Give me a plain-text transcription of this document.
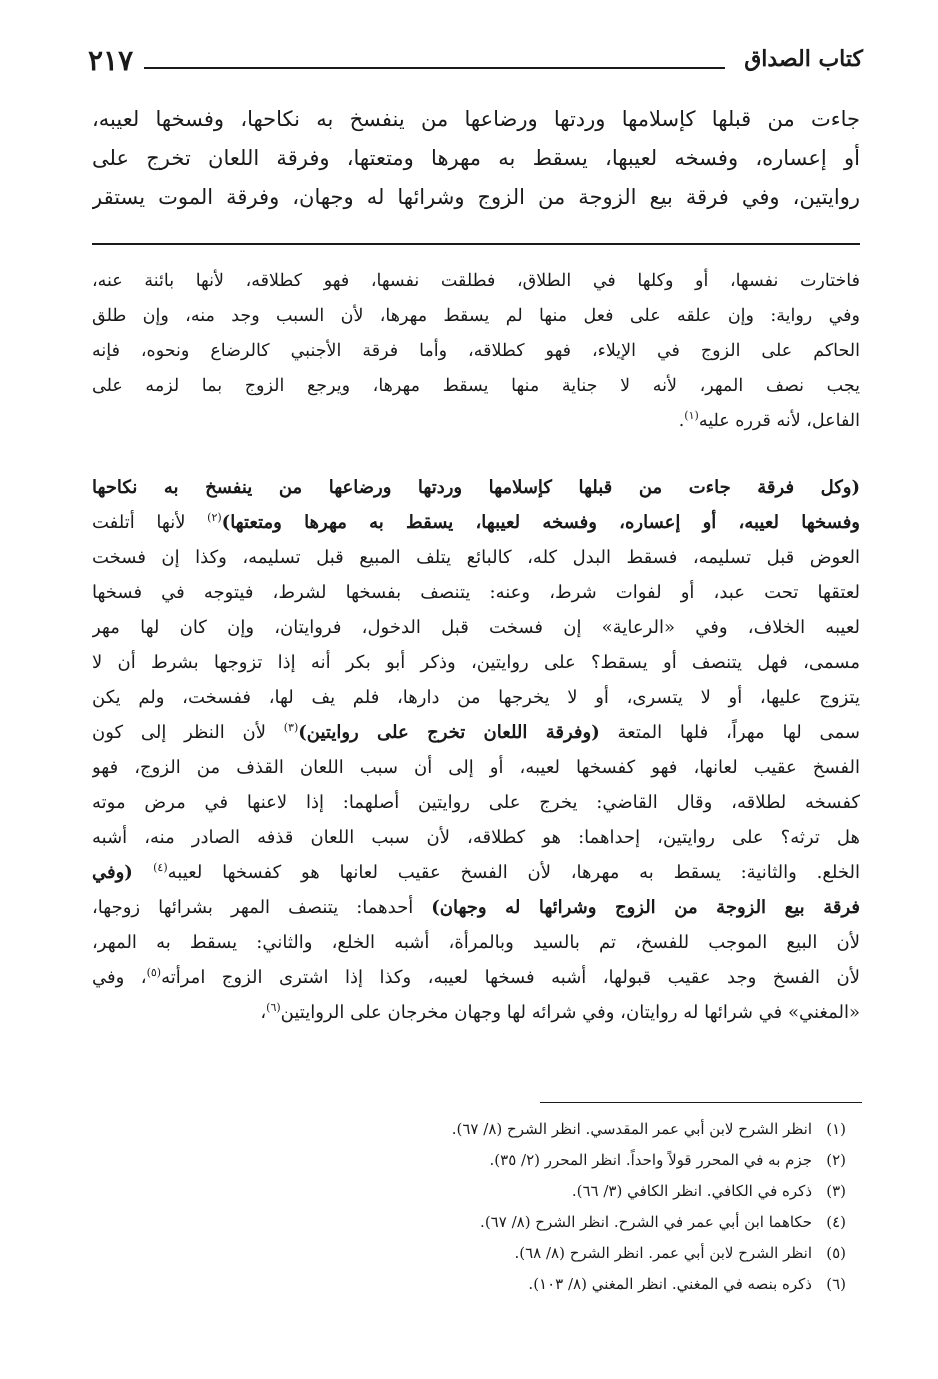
كتاب الصداق
٢١٧
جاءت من قبلها كإسلامها وردتها ورضاعها من ينفسخ به نكاحها، وفسخها لعيبه،
أو إعساره، وفسخه لعيبها، يسقط به مهرها ومتعتها، وفرقة اللعان تخرج على
روايتين، وفي فرقة بيع الزوجة من الزوج وشرائها له وجهان، وفرقة الموت يستقر
فاختارت نفسها، أو وكلها في الطلاق، فطلقت نفسها، فهو كطلاقه، لأنها بائنة عنه،
وفي رواية: وإن علقه على فعل منها لم يسقط مهرها، لأن السبب وجد منه، وإن طلق
الحاكم على الزوج في الإيلاء، فهو كطلاقه، وأما فرقة الأجنبي كالرضاع ونحوه، فإنه
يجب نصف المهر، لأنه لا جناية منها يسقط مهرها، ويرجع الزوج بما لزمه على
الفاعل، لأنه قرره عليه$^{(١)}$.
(وكل فرقة جاءت من قبلها كإسلامها وردتها ورضاعها من ينفسخ به نكاحها
وفسخها لعيبه، أو إعساره، وفسخه لعيبها، يسقط به مهرها ومتعتها)$^{(٢)}$ لأنها أتلفت
العوض قبل تسليمه، فسقط البدل كله، كالبائع يتلف المبيع قبل تسليمه، وكذا إن فسخت
لعتقها تحت عبد، أو لفوات شرط، وعنه: يتنصف بفسخها لشرط، فيتوجه في فسخها
لعيبه الخلاف، وفي «الرعاية» إن فسخت قبل الدخول، فروايتان، وإن كان لها مهر
مسمى، فهل يتنصف أو يسقط؟ على روايتين، وذكر أبو بكر أنه إذا تزوجها بشرط أن لا
يتزوج عليها، أو لا يتسرى، أو لا يخرجها من دارها، فلم يف لها، ففسخت، ولم يكن
سمى لها مهراً، فلها المتعة (وفرقة اللعان تخرج على روايتين)$^{(٣)}$ لأن النظر إلى كون
الفسخ عقيب لعانها، فهو كفسخها لعيبه، أو إلى أن سبب اللعان القذف من الزوج، فهو
كفسخه لطلاقه، وقال القاضي: يخرج على روايتين أصلهما: إذا لاعنها في مرض موته
هل ترثه؟ على روايتين، إحداهما: هو كطلاقه، لأن سبب اللعان قذفه الصادر منه، أشبه
الخلع. والثانية: يسقط به مهرها، لأن الفسخ عقيب لعانها هو كفسخها لعيبه$^{(٤)}$ (وفي
فرقة بيع الزوجة من الزوج وشرائها له وجهان) أحدهما: يتنصف المهر بشرائها زوجها،
لأن البيع الموجب للفسخ، تم بالسيد وبالمرأة، أشبه الخلع، والثاني: يسقط به المهر،
لأن الفسخ وجد عقيب قبولها، أشبه فسخها لعيبه، وكذا إذا اشترى الزوج امرأته$^{(٥)}$، وفي
«المغني» في شرائها له روايتان، وفي شرائه لها وجهان مخرجان على الروايتين$^{(٦)}$،
(١)انظر الشرح لابن أبي عمر المقدسي. انظر الشرح (٨/ ٦٧).
(٢)جزم به في المحرر قولاً واحداً. انظر المحرر (٢/ ٣٥).
(٣)ذكره في الكافي. انظر الكافي (٣/ ٦٦).
(٤)حكاهما ابن أبي عمر في الشرح. انظر الشرح (٨/ ٦٧).
(٥)انظر الشرح لابن أبي عمر. انظر الشرح (٨/ ٦٨).
(٦)ذكره بنصه في المغني. انظر المغني (٨/ ١٠٣).
